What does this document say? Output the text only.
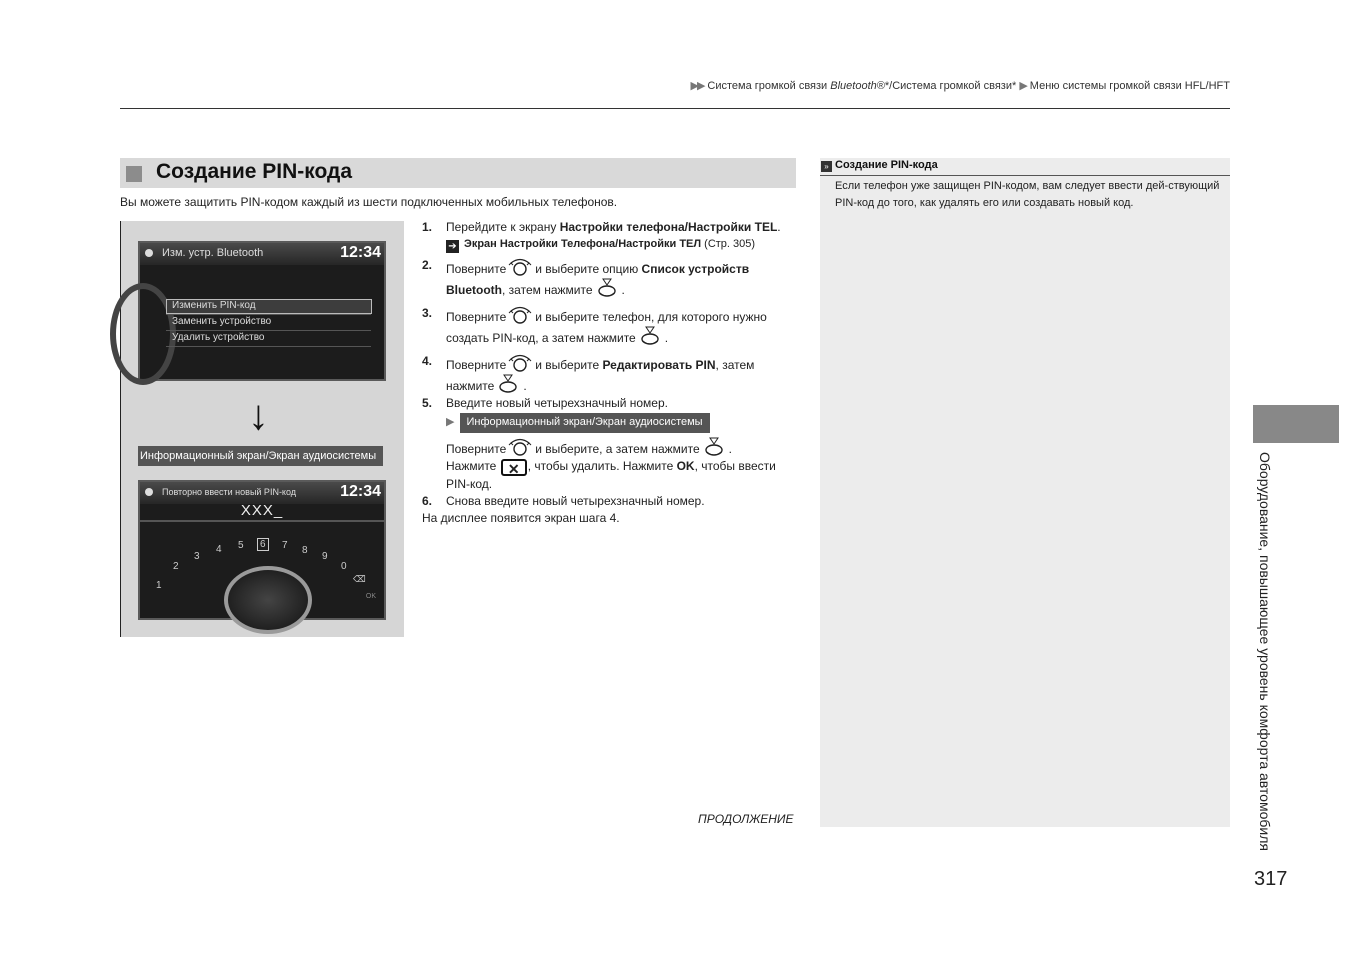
▶▶ Система громкой связи Bluetooth®*/Система громкой связи* ▶ Меню системы громкой связи HFL/HFT
Создание PIN-кода
Вы можете защитить PIN-кодом каждый из шести подключенных мобильных телефонов.
Изм. устр. Bluetooth	12:34
Изменить PIN-код
Заменить устройство
Удалить устройство
↓
Информационный экран/Экран аудиосистемы
Повторно ввести новый PIN-код	12:34
XXX_
1
2
3
4 5	6	7 8
9
0
⌫
OK
1. Перейдите к экрану Настройки телефона/Настройки TEL.
➔ Экран Настройки Телефона/Настройки ТЕЛ (Стр. 305)
2. Поверните и выберите опцию Список устройств Bluetooth, затем нажмите .
3. Поверните и выберите телефон, для которого нужно создать PIN-код, а затем нажмите .
4. Поверните и выберите Редактировать PIN, затем нажмите .
5. Введите новый четырехзначный номер.
▶ Информационный экран/Экран аудиосистемы
Поверните и выберите, а затем нажмите .
Нажмите ✕ , чтобы удалить. Нажмите OK, чтобы ввести PIN-код.
6. Снова введите новый четырехзначный номер.
На дисплее появится экран шага 4.
ПРОДОЛЖЕНИЕ
» Создание PIN-кода
Если телефон уже защищен PIN-кодом, вам следует ввести дей-ствующий PIN-код до того, как удалять его или создавать новый код.
Оборудование, повышающее уровень комфорта автомобиля
317
